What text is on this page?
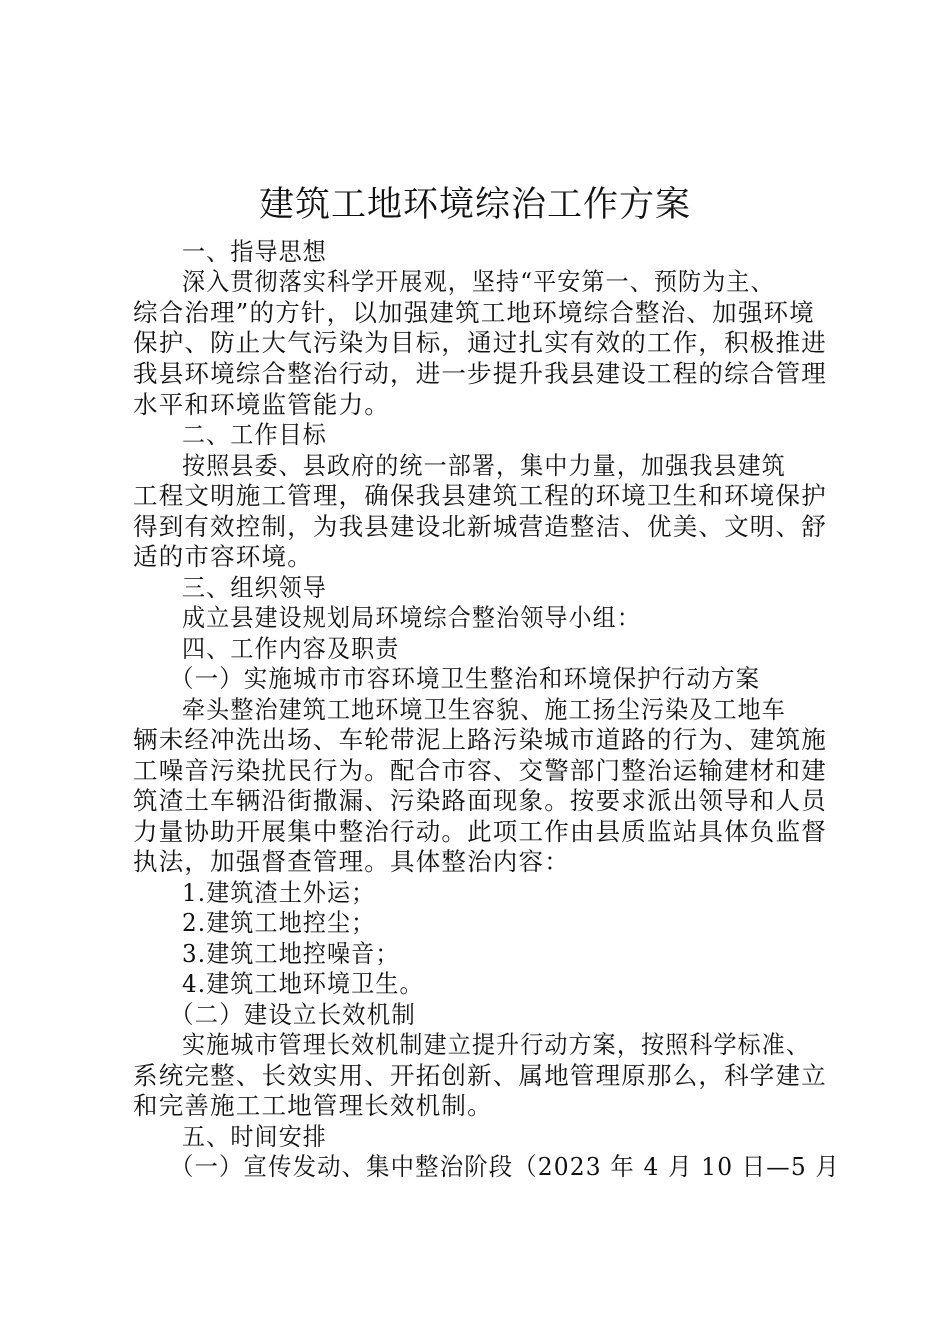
建筑工地环境综治工作方案
一、指导思想
深入贯彻落实科学开展观，坚持“平安第一、预防为主、
综合治理”的方针，以加强建筑工地环境综合整治、加强环境
保护、防止大气污染为目标，通过扎实有效的工作，积极推进
我县环境综合整治行动，进一步提升我县建设工程的综合管理
水平和环境监管能力。
二、工作目标
按照县委、县政府的统一部署，集中力量，加强我县建筑
工程文明施工管理，确保我县建筑工程的环境卫生和环境保护
得到有效控制，为我县建设北新城营造整洁、优美、文明、舒
适的市容环境。
三、组织领导
成立县建设规划局环境综合整治领导小组：
四、工作内容及职责
（一）实施城市市容环境卫生整治和环境保护行动方案
牵头整治建筑工地环境卫生容貌、施工扬尘污染及工地车
辆未经冲洗出场、车轮带泥上路污染城市道路的行为、建筑施
工噪音污染扰民行为。配合市容、交警部门整治运输建材和建
筑渣土车辆沿街撒漏、污染路面现象。按要求派出领导和人员
力量协助开展集中整治行动。此项工作由县质监站具体负监督
执法，加强督查管理。具体整治内容：
1.建筑渣土外运；
2.建筑工地控尘；
3.建筑工地控噪音；
4.建筑工地环境卫生。
（二）建设立长效机制
实施城市管理长效机制建立提升行动方案，按照科学标准、
系统完整、长效实用、开拓创新、属地管理原那么，科学建立
和完善施工工地管理长效机制。
五、时间安排
（一）宣传发动、集中整治阶段（2023 年 4 月 10 日—5 月
